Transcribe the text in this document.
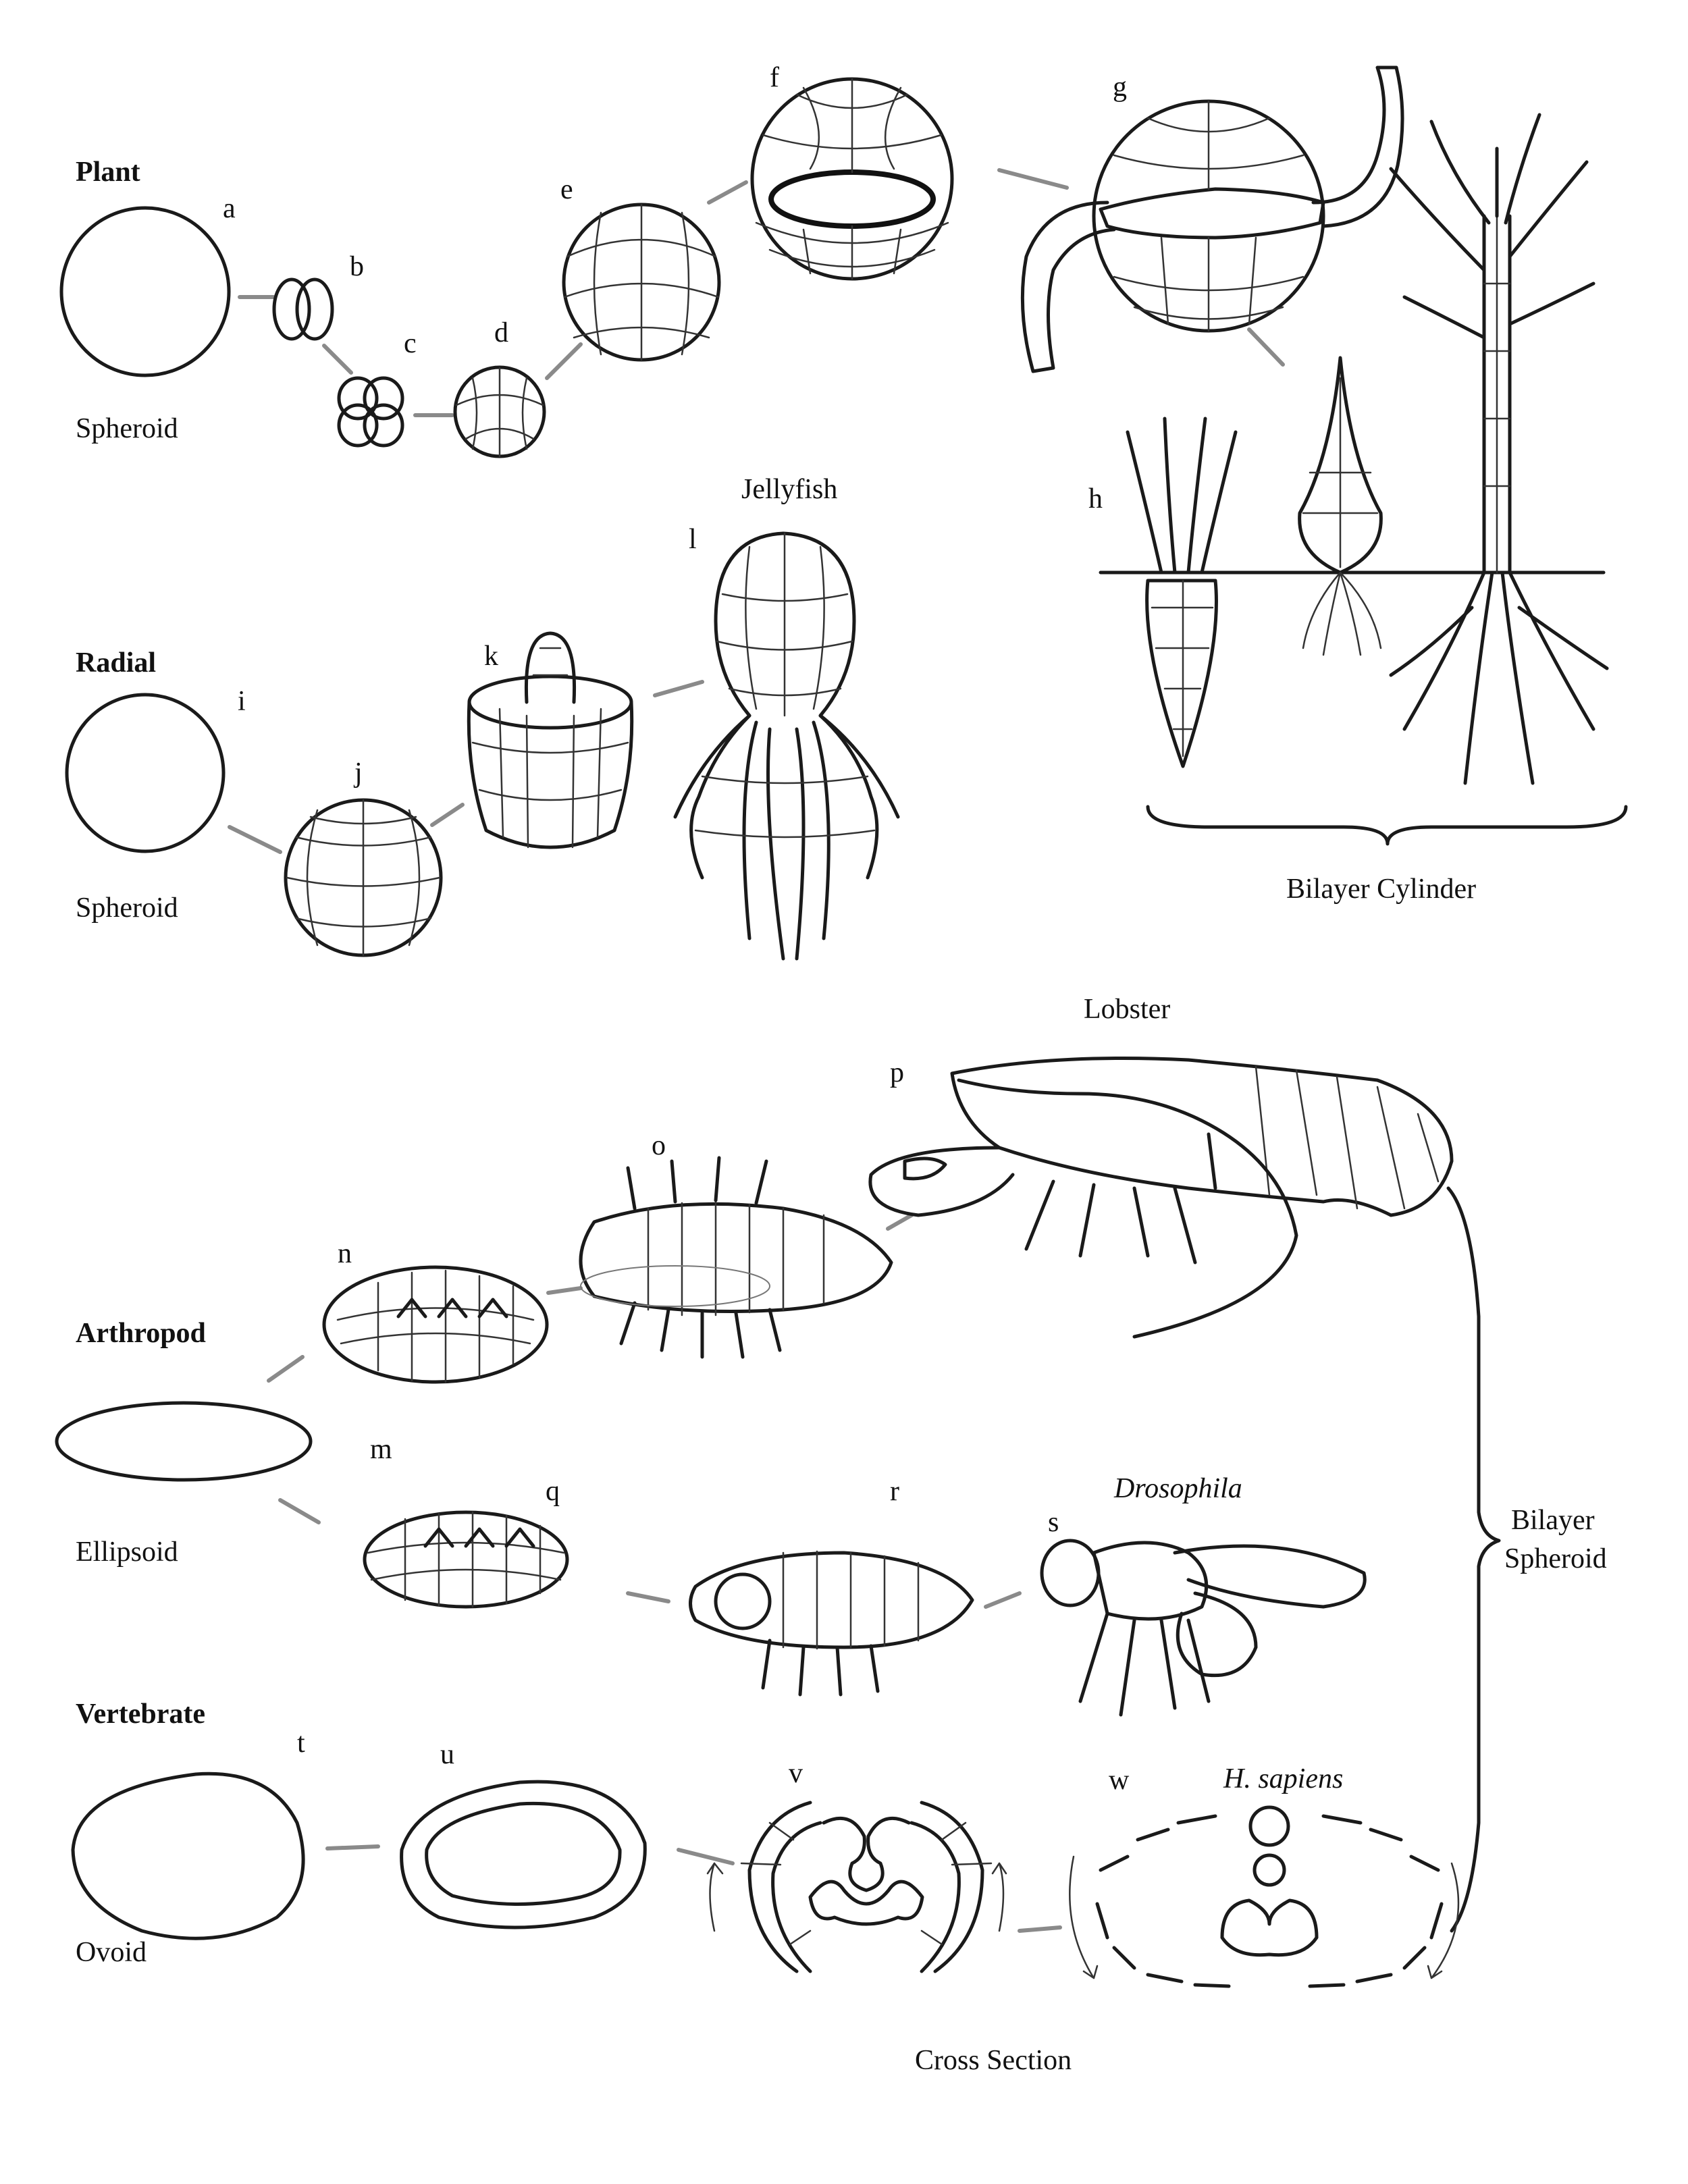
Plant
Spheroid
a
b
c	d
e
f	g
h
Bilayer Cylinder
Radial
Spheroid
i
j
k
Jellyfish
l
Arthropod
Ellipsoid
m
n
o
Lobster
p
q	r	Drosophila
s	Bilayer
Spheroid
Vertebrate
Ovoid
t	u
v	H. sapiens
w
Cross Section
